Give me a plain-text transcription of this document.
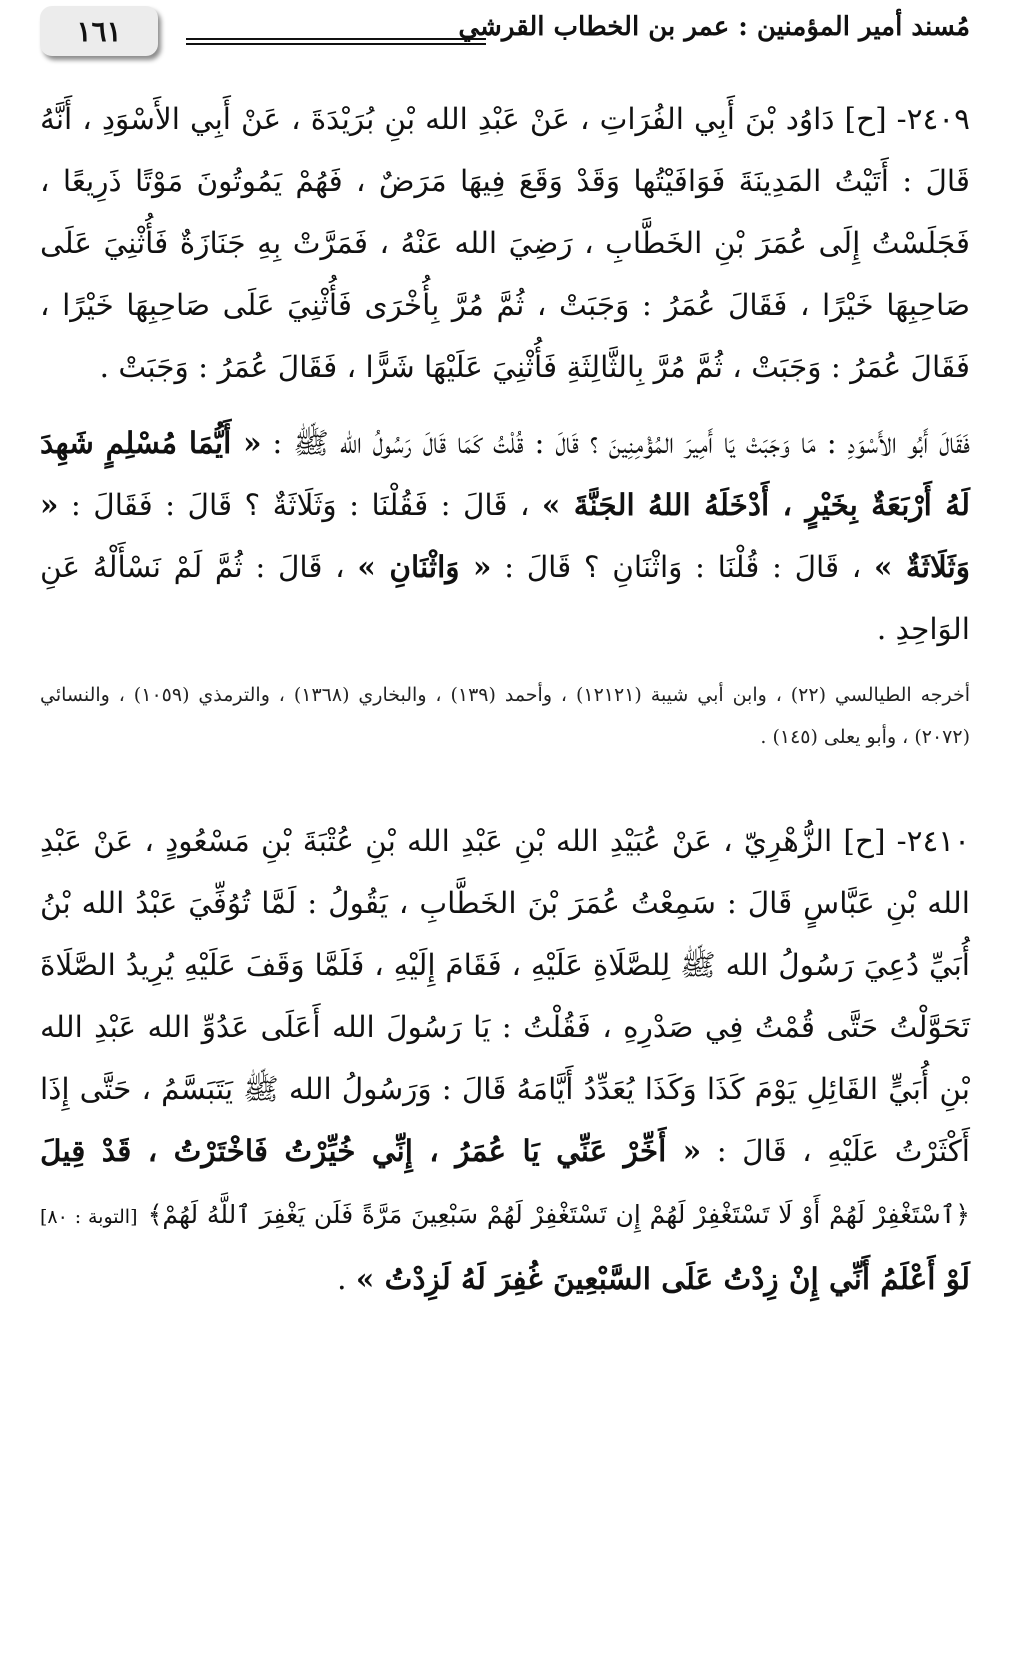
١٦١	مُسند أمير المؤمنين : عمر بن الخطاب القرشي

٢٤٠٩- [ح] دَاوُد بْنَ أَبِي الفُرَاتِ ، عَنْ عَبْدِ الله بْنِ بُرَيْدَةَ ، عَنْ أَبِي الأَسْوَدِ ، أَنَّهُ قَالَ : أَتَيْتُ المَدِينَةَ فَوَافَيْتُها وَقَدْ وَقَعَ فِيهَا مَرَضٌ ، فَهُمْ يَمُوتُونَ مَوْتًا ذَرِيعًا ، فَجَلَسْتُ إِلَى عُمَرَ بْنِ الخَطَّابِ ، رَضِيَ الله عَنْهُ ، فَمَرَّتْ بِهِ جَنَازَةٌ فَأُثْنِيَ عَلَى صَاحِبِهَا خَيْرًا ، فَقَالَ عُمَرُ : وَجَبَتْ ، ثُمَّ مُرَّ بِأُخْرَى فَأُثْنِيَ عَلَى صَاحِبِهَا خَيْرًا ، فَقَالَ عُمَرُ : وَجَبَتْ ، ثُمَّ مُرَّ بِالثَّالِثَةِ فَأُثْنِيَ عَلَيْهَا شَرًّا ، فَقَالَ عُمَرُ : وَجَبَتْ .

فَقَالَ أَبُو الأَسْوَدِ : مَا وَجَبَتْ يَا أَمِيرَ المُؤْمِنِينَ ؟ قَالَ : قُلْتُ كَمَا قَالَ رَسُولُ الله ﷺ : « أَيُّمَا مُسْلِمٍ شَهِدَ لَهُ أَرْبَعَةٌ بِخَيْرٍ ، أَدْخَلَهُ اللهُ الجَنَّةَ » ، قَالَ : فَقُلْنَا : وَثَلَاثَةٌ ؟ قَالَ : فَقَالَ : « وَثَلَاثَةٌ » ، قَالَ : قُلْنَا : وَاثْنَانِ ؟ قَالَ : « وَاثْنَانِ » ، قَالَ : ثُمَّ لَمْ نَسْأَلْهُ عَنِ الوَاحِدِ .

أخرجه الطيالسي (٢٢) ، وابن أبي شيبة (١٢١٢١) ، وأحمد (١٣٩) ، والبخاري (١٣٦٨) ، والترمذي (١٠٥٩) ، والنسائي (٢٠٧٢) ، وأبو يعلى (١٤٥) .

٢٤١٠- [ح] الزُّهْرِيّ ، عَنْ عُبَيْدِ الله بْنِ عَبْدِ الله بْنِ عُتْبَةَ بْنِ مَسْعُودٍ ، عَنْ عَبْدِ الله بْنِ عَبَّاسٍ قَالَ : سَمِعْتُ عُمَرَ بْنَ الخَطَّابِ ، يَقُولُ : لَمَّا تُوُفِّيَ عَبْدُ الله بْنُ أُبَيِّ دُعِيَ رَسُولُ الله ﷺ لِلصَّلَاةِ عَلَيْهِ ، فَقَامَ إِلَيْهِ ، فَلَمَّا وَقَفَ عَلَيْهِ يُرِيدُ الصَّلَاةَ تَحَوَّلْتُ حَتَّى قُمْتُ فِي صَدْرِهِ ، فَقُلْتُ : يَا رَسُولَ الله أَعَلَى عَدُوِّ الله عَبْدِ الله بْنِ أُبَيٍّ القَائِلِ يَوْمَ كَذَا وَكَذَا يُعَدِّدُ أَيَّامَهُ قَالَ : وَرَسُولُ الله ﷺ يَتَبَسَّمُ ، حَتَّى إِذَا أَكْثَرْتُ عَلَيْهِ ، قَالَ : « أَخِّرْ عَنِّي يَا عُمَرُ ، إِنِّي خُيِّرْتُ فَاخْتَرْتُ ، قَدْ قِيلَ ﴿ٱسْتَغْفِرْ لَهُمْ أَوْ لَا تَسْتَغْفِرْ لَهُمْ إِن تَسْتَغْفِرْ لَهُمْ سَبْعِينَ مَرَّةً فَلَن يَغْفِرَ ٱللَّهُ لَهُمْ﴾ [التوبة : ٨٠] لَوْ أَعْلَمُ أَنِّي إِنْ زِدْتُ عَلَى السَّبْعِينَ غُفِرَ لَهُ لَزِدْتُ » .
